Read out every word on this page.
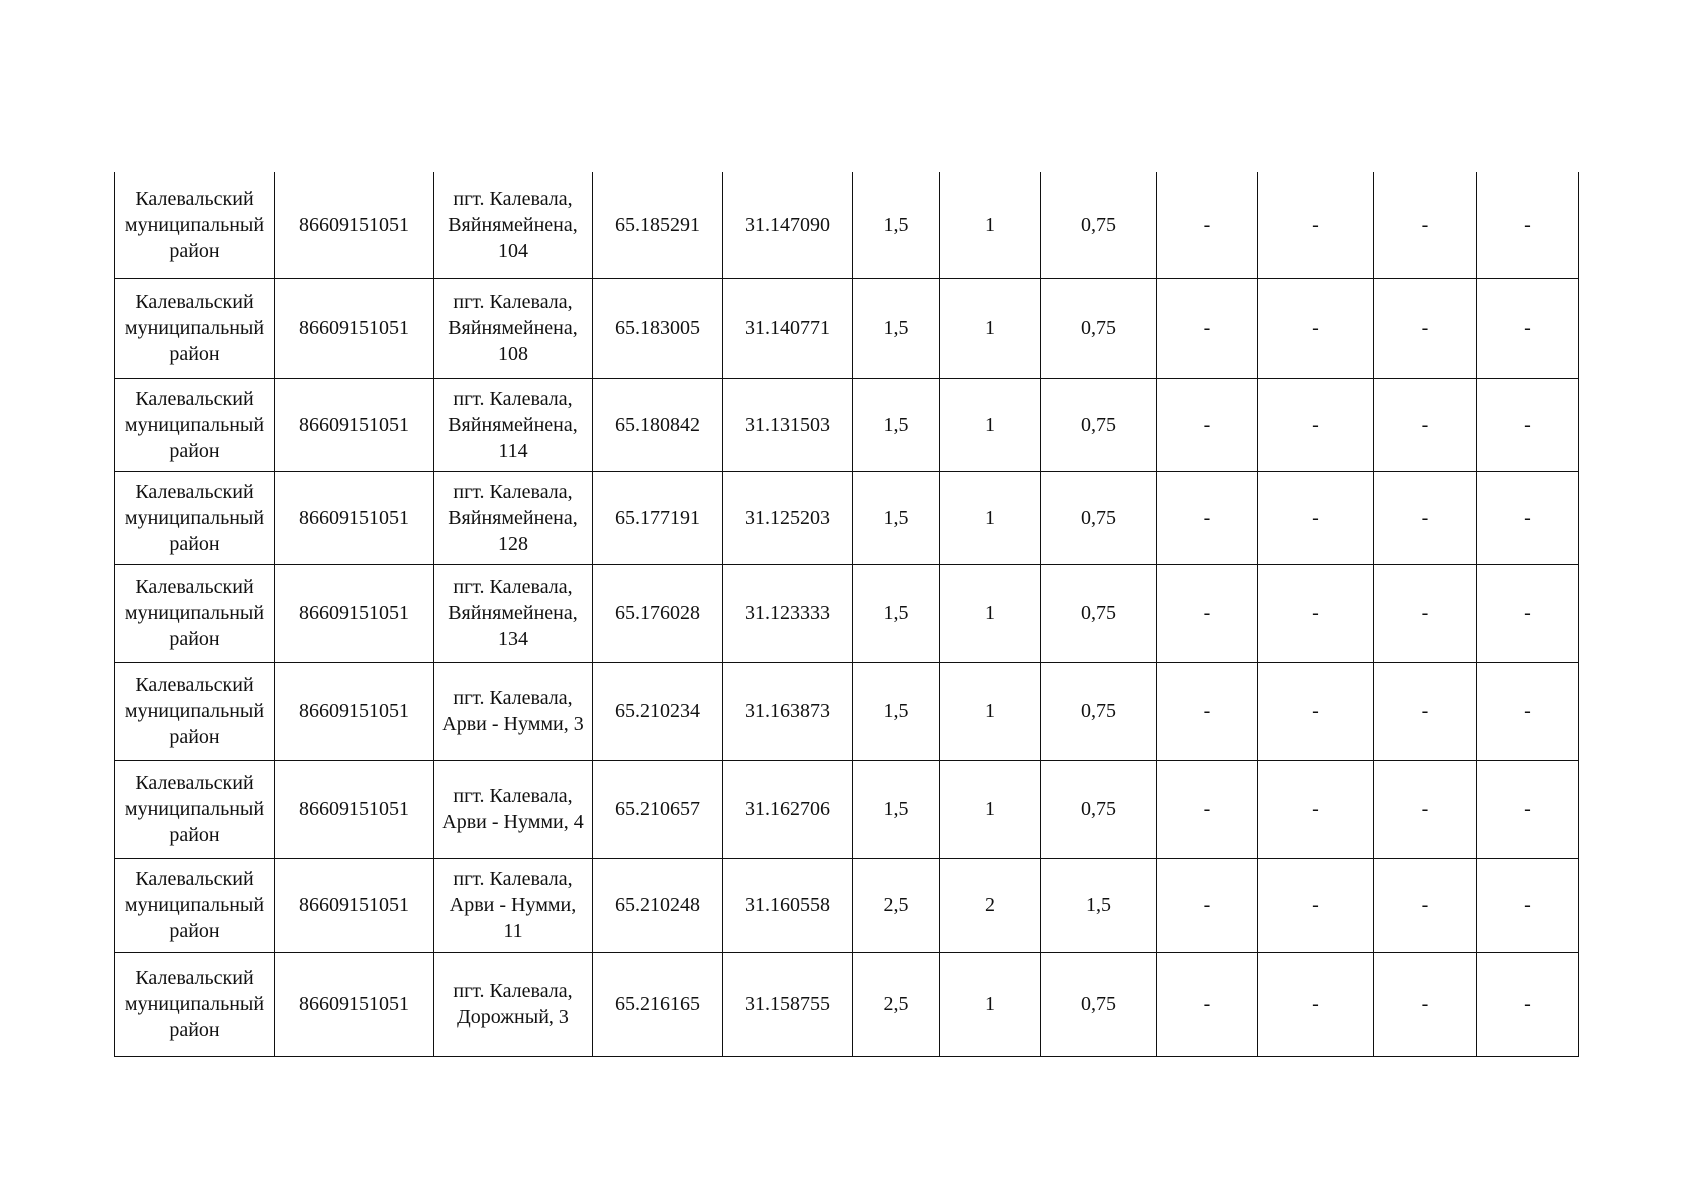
Калевальский муниципальный район	86609151051	пгт. Калевала, Вяйнямейнена, 104	65.185291	31.147090	1,5	1	0,75	-	-	-	-
Калевальский муниципальный район	86609151051	пгт. Калевала, Вяйнямейнена, 108	65.183005	31.140771	1,5	1	0,75	-	-	-	-
Калевальский муниципальный район	86609151051	пгт. Калевала, Вяйнямейнена, 114	65.180842	31.131503	1,5	1	0,75	-	-	-	-
Калевальский муниципальный район	86609151051	пгт. Калевала, Вяйнямейнена, 128	65.177191	31.125203	1,5	1	0,75	-	-	-	-
Калевальский муниципальный район	86609151051	пгт. Калевала, Вяйнямейнена, 134	65.176028	31.123333	1,5	1	0,75	-	-	-	-
Калевальский муниципальный район	86609151051	пгт. Калевала, Арви - Нумми, 3	65.210234	31.163873	1,5	1	0,75	-	-	-	-
Калевальский муниципальный район	86609151051	пгт. Калевала, Арви - Нумми, 4	65.210657	31.162706	1,5	1	0,75	-	-	-	-
Калевальский муниципальный район	86609151051	пгт. Калевала, Арви - Нумми, 11	65.210248	31.160558	2,5	2	1,5	-	-	-	-
Калевальский муниципальный район	86609151051	пгт. Калевала, Дорожный, 3	65.216165	31.158755	2,5	1	0,75	-	-	-	-
